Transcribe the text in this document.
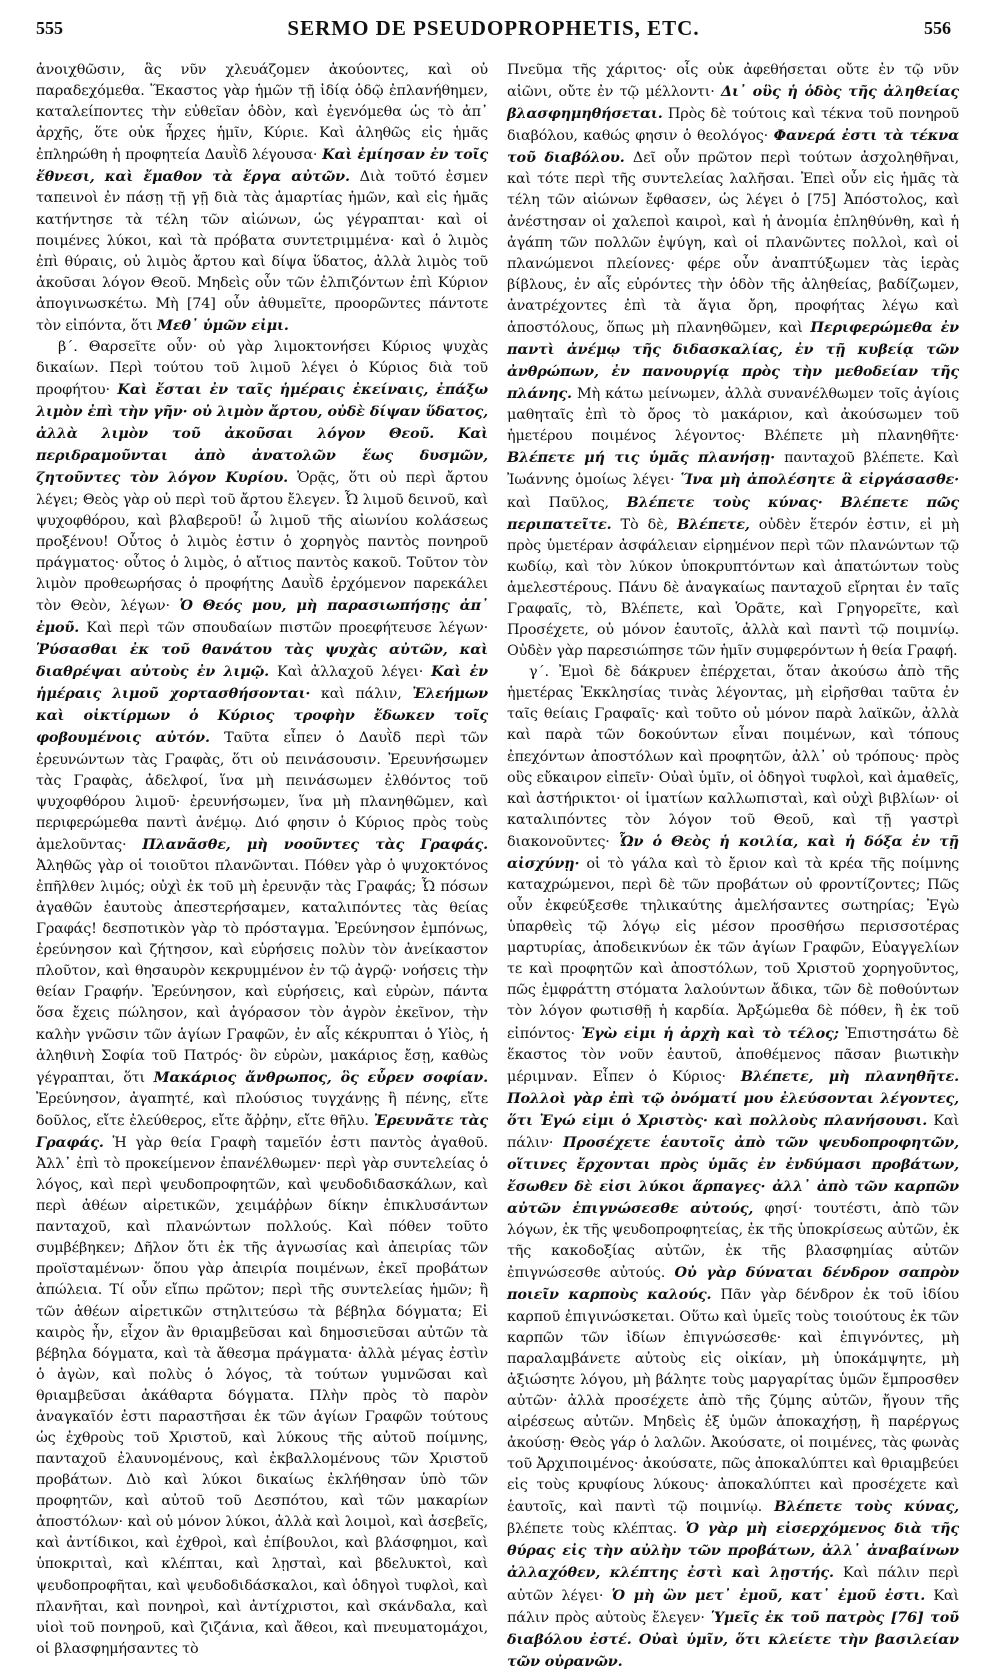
555	SERMO DE PSEUDOPROPHETIS, ETC.	556

ἀνοιχθῶσιν, ἃς νῦν χλευάζομεν ἀκούοντες, καὶ οὐ παραδεχόμεθα. Ἕκαστος γὰρ ἡμῶν τῇ ἰδίᾳ ὁδῷ ἐπλανήθημεν, καταλείποντες τὴν εὐθεῖαν ὁδὸν, καὶ ἐγενόμεθα ὡς τὸ ἀπ᾽ ἀρχῆς, ὅτε οὐκ ἦρχες ἡμῖν, Κύριε. Καὶ ἀληθῶς εἰς ἡμᾶς ἐπληρώθη ἡ προφητεία Δαυῒδ λέγουσα· Καὶ ἐμίησαν ἐν τοῖς ἔθνεσι, καὶ ἔμαθον τὰ ἔργα αὐτῶν. Διὰ τοῦτό ἐσμεν ταπεινοὶ ἐν πάσῃ τῇ γῇ διὰ τὰς ἁμαρτίας ἡμῶν, καὶ εἰς ἡμᾶς κατήντησε τὰ τέλη τῶν αἰώνων, ὡς γέγραπται· καὶ οἱ ποιμένες λύκοι, καὶ τὰ πρόβατα συντετριμμένα· καὶ ὁ λιμὸς ἐπὶ θύραις, οὐ λιμὸς ἄρτου καὶ δίψα ὕδατος, ἀλλὰ λιμὸς τοῦ ἀκοῦσαι λόγον Θεοῦ. Μηδεὶς οὖν τῶν ἐλπιζόντων ἐπὶ Κύριον ἀπογινωσκέτω. Μὴ [74] οὖν ἀθυμεῖτε, προορῶντες πάντοτε τὸν εἰπόντα, ὅτι Μεθ᾽ ὑμῶν εἰμι.

β΄. Θαρσεῖτε οὖν· οὐ γὰρ λιμοκτονήσει Κύριος ψυχὰς δικαίων. Περὶ τούτου τοῦ λιμοῦ λέγει ὁ Κύριος διὰ τοῦ προφήτου· Καὶ ἔσται ἐν ταῖς ἡμέραις ἐκείναις, ἐπάξω λιμὸν ἐπὶ τὴν γῆν· οὐ λιμὸν ἄρτου, οὐδὲ δίψαν ὕδατος, ἀλλὰ λιμὸν τοῦ ἀκοῦσαι λόγον Θεοῦ. Καὶ περιδραμοῦνται ἀπὸ ἀνατολῶν ἕως δυσμῶν, ζητοῦντες τὸν λόγον Κυρίου. Ὁρᾷς, ὅτι οὐ περὶ ἄρτου λέγει; Θεὸς γὰρ οὐ περὶ τοῦ ἄρτου ἔλεγεν. Ὦ λιμοῦ δεινοῦ, καὶ ψυχοφθόρου, καὶ βλαβεροῦ! ὦ λιμοῦ τῆς αἰωνίου κολάσεως προξένου! Οὗτος ὁ λιμὸς ἐστιν ὁ χορηγὸς παντὸς πονηροῦ πράγματος· οὗτος ὁ λιμὸς, ὁ αἴτιος παντὸς κακοῦ. Τοῦτον τὸν λιμὸν προθεωρήσας ὁ προφήτης Δαυῒδ ἐρχόμενον παρεκάλει τὸν Θεὸν, λέγων· Ὁ Θεός μου, μὴ παρασιωπήσῃς ἀπ᾽ ἐμοῦ. Καὶ περὶ τῶν σπουδαίων πιστῶν προεφήτευσε λέγων· Ῥύσασθαι ἐκ τοῦ θανάτου τὰς ψυχὰς αὐτῶν, καὶ διαθρέψαι αὐτοὺς ἐν λιμῷ. Καὶ ἀλλαχοῦ λέγει· Καὶ ἐν ἡμέραις λιμοῦ χορτασθήσονται· καὶ πάλιν, Ἐλεήμων καὶ οἰκτίρμων ὁ Κύριος τροφὴν ἔδωκεν τοῖς φοβουμένοις αὐτόν. Ταῦτα εἶπεν ὁ Δαυῒδ περὶ τῶν ἐρευνώντων τὰς Γραφὰς, ὅτι οὐ πεινάσουσιν. Ἐρευνήσωμεν τὰς Γραφὰς, ἀδελφοί, ἵνα μὴ πεινάσωμεν ἐλθόντος τοῦ ψυχοφθόρου λιμοῦ· ἐρευνήσωμεν, ἵνα μὴ πλανηθῶμεν, καὶ περιφερώμεθα παντὶ ἀνέμῳ. Διό φησιν ὁ Κύριος πρὸς τοὺς ἀμελοῦντας· Πλανᾶσθε, μὴ νοοῦντες τὰς Γραφάς. Ἀληθῶς γὰρ οἱ τοιοῦτοι πλανῶνται. Πόθεν γὰρ ὁ ψυχοκτόνος ἐπῆλθεν λιμός; οὐχὶ ἐκ τοῦ μὴ ἐρευνᾷν τὰς Γραφάς; Ὦ πόσων ἀγαθῶν ἑαυτοὺς ἀπεστερήσαμεν, καταλιπόντες τὰς θείας Γραφάς! δεσποτικὸν γὰρ τὸ πρόσταγμα. Ἐρεύνησον ἐμπόνως, ἐρεύνησον καὶ ζήτησον, καὶ εὑρήσεις πολὺν τὸν ἀνείκαστον πλοῦτον, καὶ θησαυρὸν κεκρυμμένον ἐν τῷ ἀγρῷ· νοήσεις τὴν θείαν Γραφήν. Ἐρεύνησον, καὶ εὑρήσεις, καὶ εὑρὼν, πάντα ὅσα ἔχεις πώλησον, καὶ ἀγόρασον τὸν ἀγρὸν ἐκεῖνον, τὴν καλὴν γνῶσιν τῶν ἁγίων Γραφῶν, ἐν αἷς κέκρυπται ὁ Υἱὸς, ἡ ἀληθινὴ Σοφία τοῦ Πατρός· ὃν εὑρὼν, μακάριος ἔσῃ, καθὼς γέγραπται, ὅτι Μακάριος ἄνθρωπος, ὃς εὗρεν σοφίαν. Ἐρεύνησον, ἀγαπητέ, καὶ πλούσιος τυγχάνῃς ἢ πένης, εἴτε δοῦλος, εἴτε ἐλεύθερος, εἴτε ἄῤῥην, εἴτε θῆλυ. Ἐρευνᾶτε τὰς Γραφάς. Ἡ γὰρ θεία Γραφὴ ταμεῖόν ἐστι παντὸς ἀγαθοῦ. Ἀλλ᾽ ἐπὶ τὸ προκείμενον ἐπανέλθωμεν· περὶ γὰρ συντελείας ὁ λόγος, καὶ περὶ ψευδοπροφητῶν, καὶ ψευδοδιδασκάλων, καὶ περὶ ἀθέων αἱρετικῶν, χειμάῤῥων δίκην ἐπικλυσάντων πανταχοῦ, καὶ πλανώντων πολλούς. Καὶ πόθεν τοῦτο συμβέβηκεν; Δῆλον ὅτι ἐκ τῆς ἀγνωσίας καὶ ἀπειρίας τῶν προϊσταμένων· ὅπου γὰρ ἀπειρία ποιμένων, ἐκεῖ προβάτων ἀπώλεια. Τί οὖν εἴπω πρῶτον; περὶ τῆς συντελείας ἡμῶν; ἢ τῶν ἀθέων αἱρετικῶν στηλιτεύσω τὰ βέβηλα δόγματα; Εἰ καιρὸς ἦν, εἶχον ἂν θριαμβεῦσαι καὶ δημοσιεῦσαι αὐτῶν τὰ βέβηλα δόγματα, καὶ τὰ ἄθεσμα πράγματα· ἀλλὰ μέγας ἐστὶν ὁ ἀγὼν, καὶ πολὺς ὁ λόγος, τὰ τούτων γυμνῶσαι καὶ θριαμβεῦσαι ἀκάθαρτα δόγματα. Πλὴν πρὸς τὸ παρὸν ἀναγκαῖόν ἐστι παραστῆσαι ἐκ τῶν ἁγίων Γραφῶν τούτους ὡς ἐχθροὺς τοῦ Χριστοῦ, καὶ λύκους τῆς αὐτοῦ ποίμνης, πανταχοῦ ἐλαυνομένους, καὶ ἐκβαλλομένους τῶν Χριστοῦ προβάτων. Διὸ καὶ λύκοι δικαίως ἐκλήθησαν ὑπὸ τῶν προφητῶν, καὶ αὐτοῦ τοῦ Δεσπότου, καὶ τῶν μακαρίων ἀποστόλων· καὶ οὐ μόνον λύκοι, ἀλλὰ καὶ λοιμοὶ, καὶ ἀσεβεῖς, καὶ ἀντίδικοι, καὶ ἐχθροὶ, καὶ ἐπίβουλοι, καὶ βλάσφημοι, καὶ ὑποκριταὶ, καὶ κλέπται, καὶ λῃσταὶ, καὶ βδελυκτοὶ, καὶ ψευδοπροφῆται, καὶ ψευδοδιδάσκαλοι, καὶ ὁδηγοὶ τυφλοὶ, καὶ πλανῆται, καὶ πονηροὶ, καὶ ἀντίχριστοι, καὶ σκάνδαλα, καὶ υἱοὶ τοῦ πονηροῦ, καὶ ζιζάνια, καὶ ἄθεοι, καὶ πνευματομάχοι, οἱ βλασφημήσαντες τὸ

Πνεῦμα τῆς χάριτος· οἷς οὐκ ἀφεθήσεται οὔτε ἐν τῷ νῦν αἰῶνι, οὔτε ἐν τῷ μέλλοντι· Δι᾽ οὓς ἡ ὁδὸς τῆς ἀληθείας βλασφημηθήσεται. Πρὸς δὲ τούτοις καὶ τέκνα τοῦ πονηροῦ διαβόλου, καθώς φησιν ὁ θεολόγος· Φανερά ἐστι τὰ τέκνα τοῦ διαβόλου. Δεῖ οὖν πρῶτον περὶ τούτων ἀσχοληθῆναι, καὶ τότε περὶ τῆς συντελείας λαλῆσαι. Ἐπεὶ οὖν εἰς ἡμᾶς τὰ τέλη τῶν αἰώνων ἔφθασεν, ὡς λέγει ὁ [75] Ἀπόστολος, καὶ ἀνέστησαν οἱ χαλεποὶ καιροὶ, καὶ ἡ ἀνομία ἐπληθύνθη, καὶ ἡ ἀγάπη τῶν πολλῶν ἐψύγη, καὶ οἱ πλανῶντες πολλοὶ, καὶ οἱ πλανώμενοι πλείονες· φέρε οὖν ἀναπτύξωμεν τὰς ἱερὰς βίβλους, ἐν αἷς εὑρόντες τὴν ὁδὸν τῆς ἀληθείας, βαδίζωμεν, ἀνατρέχοντες ἐπὶ τὰ ἅγια ὄρη, προφήτας λέγω καὶ ἀποστόλους, ὅπως μὴ πλανηθῶμεν, καὶ Περιφερώμεθα ἐν παντὶ ἀνέμῳ τῆς διδασκαλίας, ἐν τῇ κυβείᾳ τῶν ἀνθρώπων, ἐν πανουργίᾳ πρὸς τὴν μεθοδείαν τῆς πλάνης. Μὴ κάτω μείνωμεν, ἀλλὰ συνανέλθωμεν τοῖς ἁγίοις μαθηταῖς ἐπὶ τὸ ὄρος τὸ μακάριον, καὶ ἀκούσωμεν τοῦ ἡμετέρου ποιμένος λέγοντος· Βλέπετε μὴ πλανηθῆτε· Βλέπετε μή τις ὑμᾶς πλανήσῃ· πανταχοῦ βλέπετε. Καὶ Ἰωάννης ὁμοίως λέγει· Ἵνα μὴ ἀπολέσητε ἃ εἰργάσασθε· καὶ Παῦλος, Βλέπετε τοὺς κύνας· Βλέπετε πῶς περιπατεῖτε. Τὸ δὲ, Βλέπετε, οὐδὲν ἕτερόν ἐστιν, εἰ μὴ πρὸς ὑμετέραν ἀσφάλειαν εἰρημένον περὶ τῶν πλανώντων τῷ κωδίῳ, καὶ τὸν λύκον ὑποκρυπτόντων καὶ ἀπατώντων τοὺς ἀμελεστέρους. Πάνυ δὲ ἀναγκαίως πανταχοῦ εἴρηται ἐν ταῖς Γραφαῖς, τὸ, Βλέπετε, καὶ Ὁρᾶτε, καὶ Γρηγορεῖτε, καὶ Προσέχετε, οὐ μόνον ἑαυτοῖς, ἀλλὰ καὶ παντὶ τῷ ποιμνίῳ. Οὐδὲν γὰρ παρεσιώπησε τῶν ἡμῖν συμφερόντων ἡ θεία Γραφή.

γ΄. Ἐμοὶ δὲ δάκρυεν ἐπέρχεται, ὅταν ἀκούσω ἀπὸ τῆς ἡμετέρας Ἐκκλησίας τινὰς λέγοντας, μὴ εἰρῆσθαι ταῦτα ἐν ταῖς θείαις Γραφαῖς· καὶ τοῦτο οὐ μόνον παρὰ λαϊκῶν, ἀλλὰ καὶ παρὰ τῶν δοκούντων εἶναι ποιμένων, καὶ τόπους ἐπεχόντων ἀποστόλων καὶ προφητῶν, ἀλλ᾽ οὐ τρόπους· πρὸς οὓς εὔκαιρον εἰπεῖν· Οὐαὶ ὑμῖν, οἱ ὁδηγοὶ τυφλοὶ, καὶ ἀμαθεῖς, καὶ ἀστήρικτοι· οἱ ἱματίων καλλωπισταὶ, καὶ οὐχὶ βιβλίων· οἱ καταλιπόντες τὸν λόγον τοῦ Θεοῦ, καὶ τῇ γαστρὶ διακονοῦντες· Ὧν ὁ Θεὸς ἡ κοιλία, καὶ ἡ δόξα ἐν τῇ αἰσχύνῃ· οἱ τὸ γάλα καὶ τὸ ἔριον καὶ τὰ κρέα τῆς ποίμνης καταχρώμενοι, περὶ δὲ τῶν προβάτων οὐ φροντίζοντες; Πῶς οὖν ἐκφεύξεσθε τηλικαύτης ἀμελήσαντες σωτηρίας; Ἐγὼ ὑπαρθεὶς τῷ λόγῳ εἰς μέσον προσθήσω περισσοτέρας μαρτυρίας, ἀποδεικνύων ἐκ τῶν ἁγίων Γραφῶν, Εὐαγγελίων τε καὶ προφητῶν καὶ ἀποστόλων, τοῦ Χριστοῦ χορηγοῦντος, πῶς ἐμφράττη στόματα λαλούντων ἄδικα, τῶν δὲ ποθούντων τὸν λόγον φωτισθῇ ἡ καρδία. Ἀρξώμεθα δὲ πόθεν, ἢ ἐκ τοῦ εἰπόντος· Ἐγὼ εἰμι ἡ ἀρχὴ καὶ τὸ τέλος; Ἐπιστησάτω δὲ ἕκαστος τὸν νοῦν ἑαυτοῦ, ἀποθέμενος πᾶσαν βιωτικὴν μέριμναν. Εἶπεν ὁ Κύριος· Βλέπετε, μὴ πλανηθῆτε. Πολλοὶ γὰρ ἐπὶ τῷ ὀνόματί μου ἐλεύσονται λέγοντες, ὅτι Ἐγώ εἰμι ὁ Χριστὸς· καὶ πολλοὺς πλανήσουσι. Καὶ πάλιν· Προσέχετε ἑαυτοῖς ἀπὸ τῶν ψευδοπροφητῶν, οἵτινες ἔρχονται πρὸς ὑμᾶς ἐν ἐνδύμασι προβάτων, ἔσωθεν δὲ εἰσι λύκοι ἅρπαγες· ἀλλ᾽ ἀπὸ τῶν καρπῶν αὐτῶν ἐπιγνώσεσθε αὐτούς, φησί· τουτέστι, ἀπὸ τῶν λόγων, ἐκ τῆς ψευδοπροφητείας, ἐκ τῆς ὑποκρίσεως αὐτῶν, ἐκ τῆς κακοδοξίας αὐτῶν, ἐκ τῆς βλασφημίας αὐτῶν ἐπιγνώσεσθε αὐτούς. Οὐ γὰρ δύναται δένδρον σαπρὸν ποιεῖν καρποὺς καλούς. Πᾶν γὰρ δένδρον ἐκ τοῦ ἰδίου καρποῦ ἐπιγινώσκεται. Οὕτω καὶ ὑμεῖς τοὺς τοιούτους ἐκ τῶν καρπῶν τῶν ἰδίων ἐπιγνώσεσθε· καὶ ἐπιγνόντες, μὴ παραλαμβάνετε αὐτοὺς εἰς οἰκίαν, μὴ ὑποκάμψητε, μὴ ἀξιώσητε λόγου, μὴ βάλητε τοὺς μαργαρίτας ὑμῶν ἔμπροσθεν αὐτῶν· ἀλλὰ προσέχετε ἀπὸ τῆς ζύμης αὐτῶν, ἤγουν τῆς αἱρέσεως αὐτῶν. Μηδεὶς ἐξ ὑμῶν ἀποκαχήσῃ, ἢ παρέργως ἀκούσῃ· Θεὸς γάρ ὁ λαλῶν. Ἀκούσατε, οἱ ποιμένες, τὰς φωνὰς τοῦ Ἀρχιποιμένος· ἀκούσατε, πῶς ἀποκαλύπτει καὶ θριαμβεύει εἰς τοὺς κρυφίους λύκους· ἀποκαλύπτει καὶ προσέχετε καὶ ἑαυτοῖς, καὶ παντὶ τῷ ποιμνίῳ. Βλέπετε τοὺς κύνας, βλέπετε τοὺς κλέπτας. Ὁ γὰρ μὴ εἰσερχόμενος διὰ τῆς θύρας εἰς τὴν αὐλὴν τῶν προβάτων, ἀλλ᾽ ἀναβαίνων ἀλλαχόθεν, κλέπτης ἐστὶ καὶ λῃστής. Καὶ πάλιν περὶ αὐτῶν λέγει· Ὁ μὴ ὢν μετ᾽ ἐμοῦ, κατ᾽ ἐμοῦ ἐστι. Καὶ πάλιν πρὸς αὐτοὺς ἔλεγεν· Ὑμεῖς ἐκ τοῦ πατρὸς [76] τοῦ διαβόλου ἐστέ. Οὐαὶ ὑμῖν, ὅτι κλείετε τὴν βασιλείαν τῶν οὐρανῶν.
